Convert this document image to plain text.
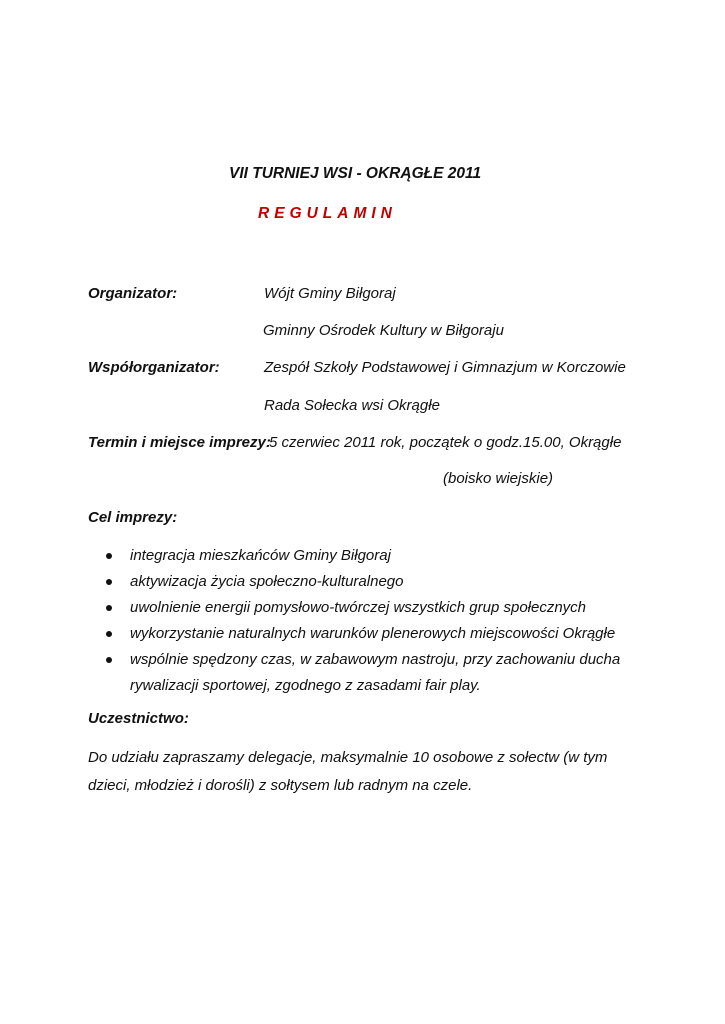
VII TURNIEJ WSI - OKRĄGŁE 2011
REGULAMIN
Organizator:	Wójt Gminy Biłgoraj
Gminny Ośrodek Kultury w Biłgoraju
Współorganizator:	Zespół Szkoły Podstawowej i Gimnazjum w Korczowie
Rada Sołecka wsi Okrągłe
Termin i miejsce imprezy:
5 czerwiec 2011 rok, początek o godz.15.00, Okrągłe
(boisko wiejskie)
Cel imprezy:
integracja mieszkańców Gminy Biłgoraj
aktywizacja życia społeczno-kulturalnego
uwolnienie energii pomysłowo-twórczej wszystkich grup społecznych
wykorzystanie naturalnych warunków plenerowych miejscowości Okrągłe
wspólnie spędzony czas, w zabawowym nastroju, przy zachowaniu ducha rywalizacji sportowej, zgodnego z zasadami fair play.
Uczestnictwo:
Do udziału zapraszamy delegacje, maksymalnie 10 osobowe z sołectw (w tym dzieci, młodzież i dorośli) z sołtysem lub radnym na czele.
